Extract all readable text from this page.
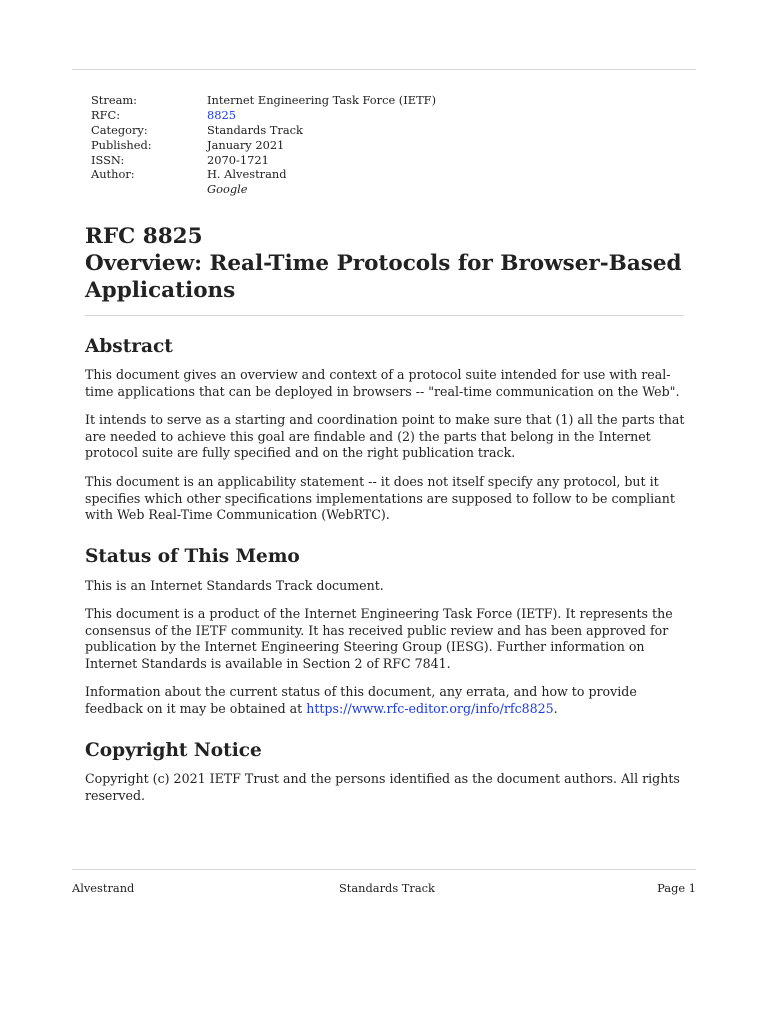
Stream:	Internet Engineering Task Force (IETF)
RFC:	8825
Category:	Standards Track
Published:	January 2021
ISSN:	2070-1721
Author:	H. Alvestrand
Google
RFC 8825
Overview: Real-Time Protocols for Browser-Based
Applications
Abstract

This document gives an overview and context of a protocol suite intended for use with real-time applications that can be deployed in browsers -- "real-time communication on the Web".

It intends to serve as a starting and coordination point to make sure that (1) all the parts that are needed to achieve this goal are findable and (2) the parts that belong in the Internet protocol suite are fully specified and on the right publication track.

This document is an applicability statement -- it does not itself specify any protocol, but it specifies which other specifications implementations are supposed to follow to be compliant with Web Real-Time Communication (WebRTC).

Status of This Memo

This is an Internet Standards Track document.

This document is a product of the Internet Engineering Task Force (IETF). It represents the consensus of the IETF community. It has received public review and has been approved for publication by the Internet Engineering Steering Group (IESG). Further information on Internet Standards is available in Section 2 of RFC 7841.

Information about the current status of this document, any errata, and how to provide feedback on it may be obtained at https://www.rfc-editor.org/info/rfc8825.

Copyright Notice

Copyright (c) 2021 IETF Trust and the persons identified as the document authors. All rights reserved.

Alvestrand	Standards Track	Page 1
